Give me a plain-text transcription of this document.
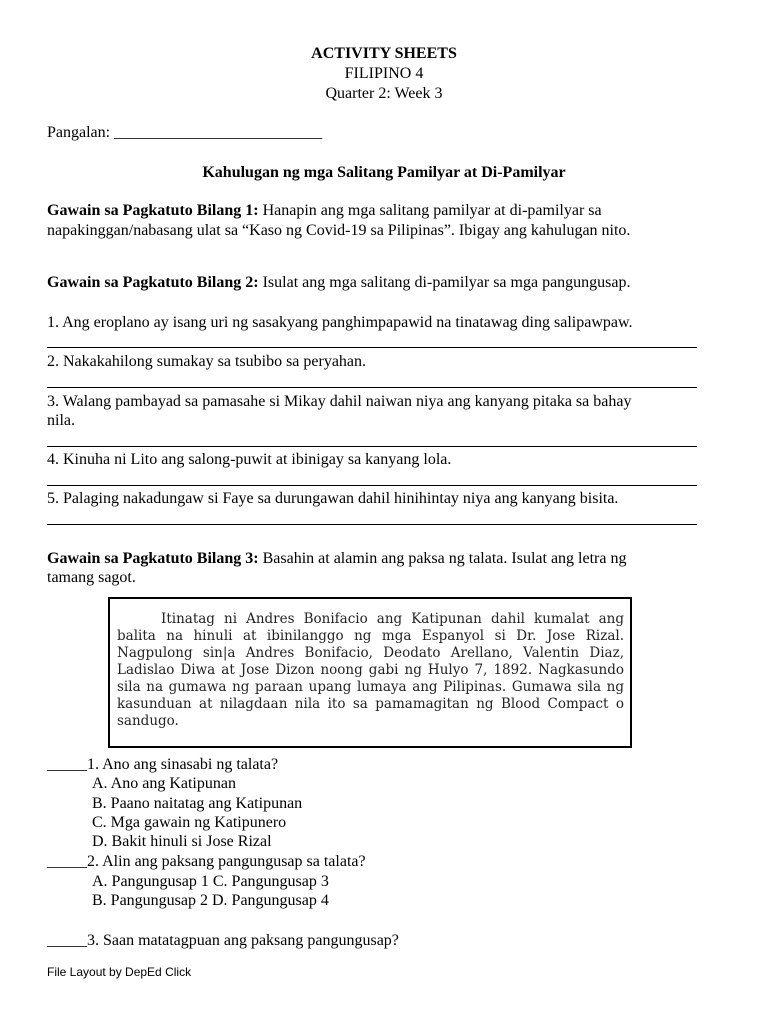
ACTIVITY SHEETS
FILIPINO 4
Quarter 2: Week 3
Pangalan: __________________________
Kahulugan ng mga Salitang Pamilyar at Di-Pamilyar
Gawain sa Pagkatuto Bilang 1: Hanapin ang mga salitang pamilyar at di-pamilyar sa
napakinggan/nabasang ulat sa “Kaso ng Covid-19 sa Pilipinas”. Ibigay ang kahulugan nito.
Gawain sa Pagkatuto Bilang 2: Isulat ang mga salitang di-pamilyar sa mga pangungusap.
1. Ang eroplano ay isang uri ng sasakyang panghimpapawid na tinatawag ding salipawpaw.
2. Nakakahilong sumakay sa tsubibo sa peryahan.
3. Walang pambayad sa pamasahe si Mikay dahil naiwan niya ang kanyang pitaka sa bahay
nila.
4. Kinuha ni Lito ang salong-puwit at ibinigay sa kanyang lola.
5. Palaging nakadungaw si Faye sa durungawan dahil hinihintay niya ang kanyang bisita.
Gawain sa Pagkatuto Bilang 3: Basahin at alamin ang paksa ng talata. Isulat ang letra ng
tamang sagot.

Itinatag ni Andres Bonifacio ang Katipunan dahil kumalat ang balita na hinuli at ibinilanggo ng mga Espanyol si Dr. Jose Rizal. Nagpulong sin|a Andres Bonifacio, Deodato Arellano, Valentin Diaz, Ladislao Diwa at Jose Dizon noong gabi ng Hulyo 7, 1892. Nagkasundo sila na gumawa ng paraan upang lumaya ang Pilipinas. Gumawa sila ng kasunduan at nilagdaan nila ito sa pamamagitan ng Blood Compact o sandugo.

_____1. Ano ang sinasabi ng talata?
A. Ano ang Katipunan
B. Paano naitatag ang Katipunan
C. Mga gawain ng Katipunero
D. Bakit hinuli si Jose Rizal
_____2. Alin ang paksang pangungusap sa talata?
A. Pangungusap 1 C. Pangungusap 3
B. Pangungusap 2 D. Pangungusap 4
_____3. Saan matatagpuan ang paksang pangungusap?
File Layout by DepEd Click
